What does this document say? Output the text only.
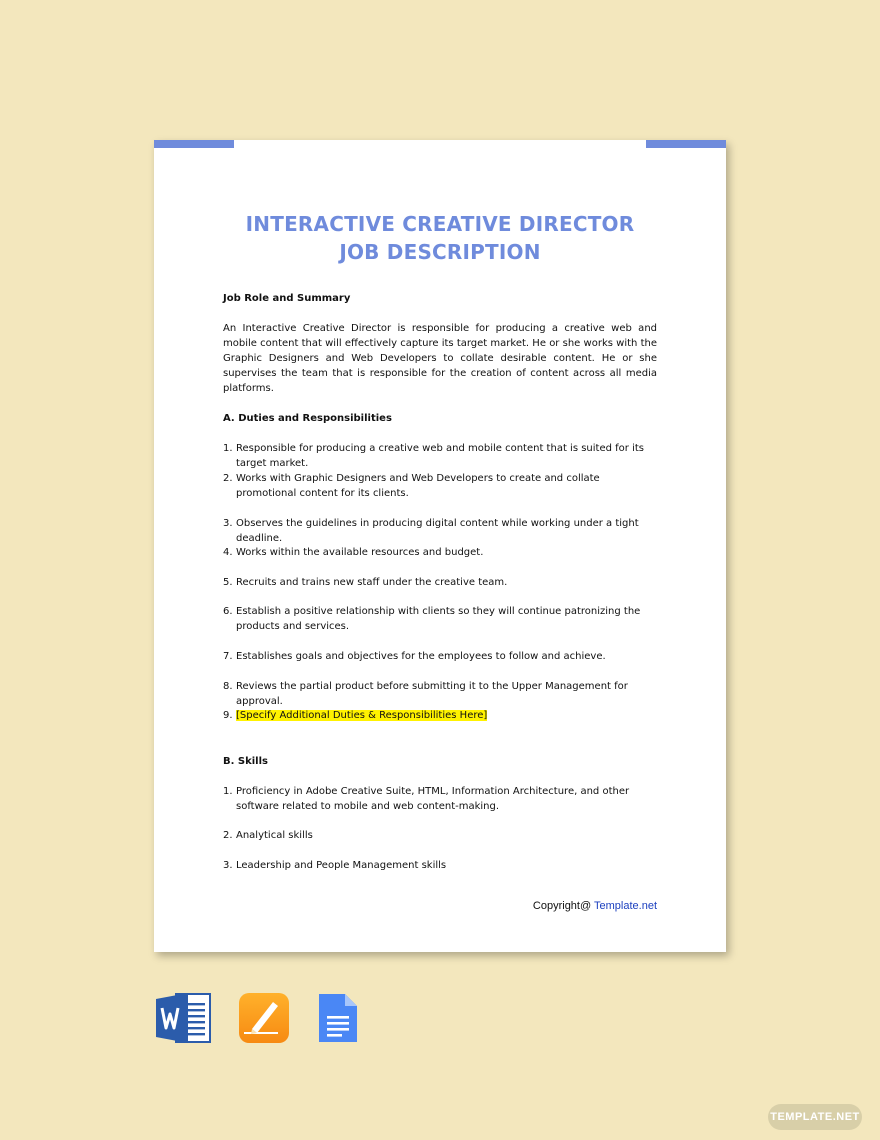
INTERACTIVE CREATIVE DIRECTOR
JOB DESCRIPTION
Job Role and Summary
An Interactive Creative Director is responsible for producing a creative web and mobile content that will effectively capture its target market. He or she works with the Graphic Designers and Web Developers to collate desirable content. He or she supervises the team that is responsible for the creation of content across all media platforms.
A. Duties and Responsibilities
1. Responsible for producing a creative web and mobile content that is suited for its target market.
2. Works with Graphic Designers and Web Developers to create and collate promotional content for its clients.
3. Observes the guidelines in producing digital content while working under a tight deadline.
4. Works within the available resources and budget.
5. Recruits and trains new staff under the creative team.
6. Establish a positive relationship with clients so they will continue patronizing the products and services.
7. Establishes goals and objectives for the employees to follow and achieve.
8. Reviews the partial product before submitting it to the Upper Management for approval.
9. [Specify Additional Duties & Responsibilities Here]
B. Skills
1. Proficiency in Adobe Creative Suite, HTML, Information Architecture, and other software related to mobile and web content-making.
2. Analytical skills
3. Leadership and People Management skills
Copyright@ Template.net
TEMPLATE.NET
